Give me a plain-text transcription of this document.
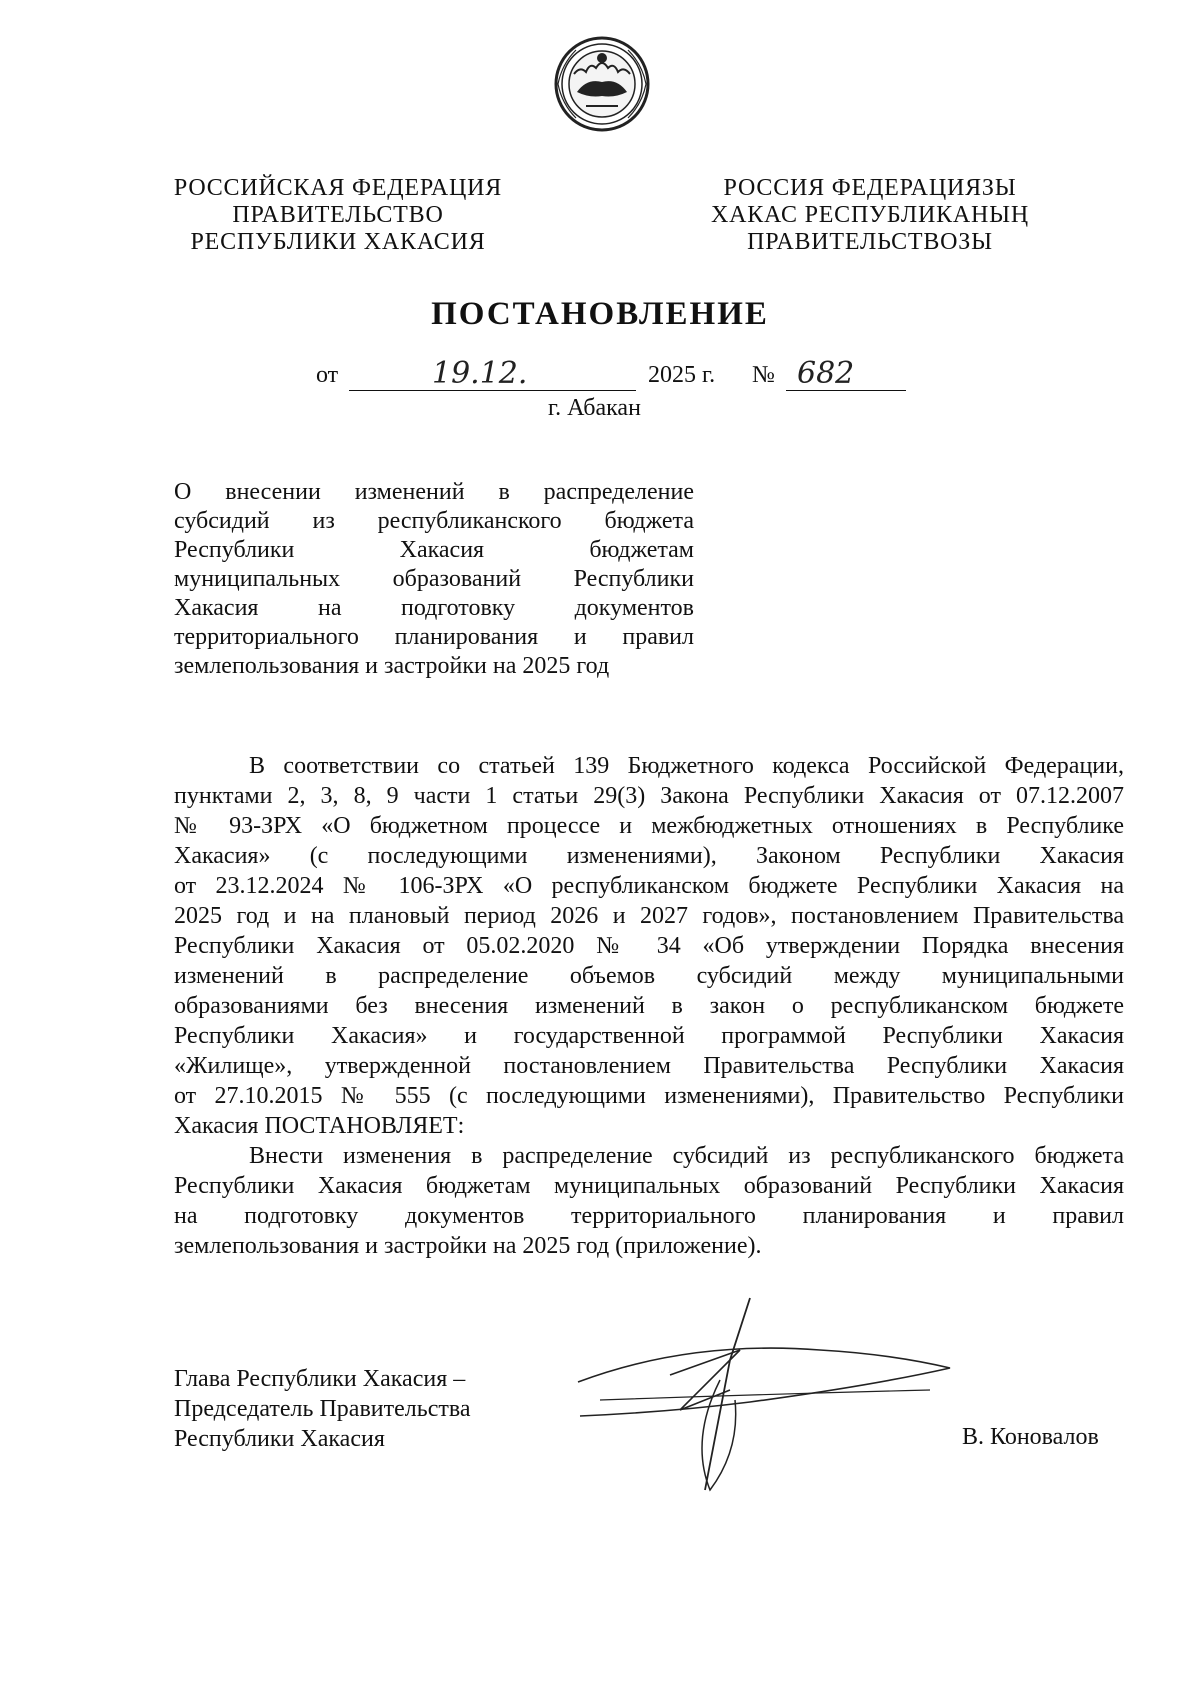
РОССИЙСКАЯ ФЕДЕРАЦИЯ
ПРАВИТЕЛЬСТВО
РЕСПУБЛИКИ ХАКАСИЯ
РОССИЯ ФЕДЕРАЦИЯЗЫ
ХАКАС РЕСПУБЛИКАНЫҢ
ПРАВИТЕЛЬСТВОЗЫ
ПОСТАНОВЛЕНИЕ
от	19.12.	2025 г. № 682
г. Абакан
О внесении изменений в распределение
субсидий из республиканского бюджета
Республики Хакасия бюджетам
муниципальных образований Республики
Хакасия на подготовку документов
территориального планирования и правил
землепользования и застройки на 2025 год
В соответствии со статьей 139 Бюджетного кодекса Российской Федерации,
пунктами 2, 3, 8, 9 части 1 статьи 29(3) Закона Республики Хакасия от 07.12.2007
№ 93-ЗРХ «О бюджетном процессе и межбюджетных отношениях в Республике
Хакасия» (с последующими изменениями), Законом Республики Хакасия
от 23.12.2024 № 106-ЗРХ «О республиканском бюджете Республики Хакасия на
2025 год и на плановый период 2026 и 2027 годов», постановлением Правительства
Республики Хакасия от 05.02.2020 № 34 «Об утверждении Порядка внесения
изменений в распределение объемов субсидий между муниципальными
образованиями без внесения изменений в закон о республиканском бюджете
Республики Хакасия» и государственной программой Республики Хакасия
«Жилище», утвержденной постановлением Правительства Республики Хакасия
от 27.10.2015 № 555 (с последующими изменениями), Правительство Республики
Хакасия ПОСТАНОВЛЯЕТ:
Внести изменения в распределение субсидий из республиканского бюджета
Республики Хакасия бюджетам муниципальных образований Республики Хакасия
на подготовку документов территориального планирования и правил
землепользования и застройки на 2025 год (приложение).
Глава Республики Хакасия –
Председатель Правительства
Республики Хакасия	В. Коновалов
